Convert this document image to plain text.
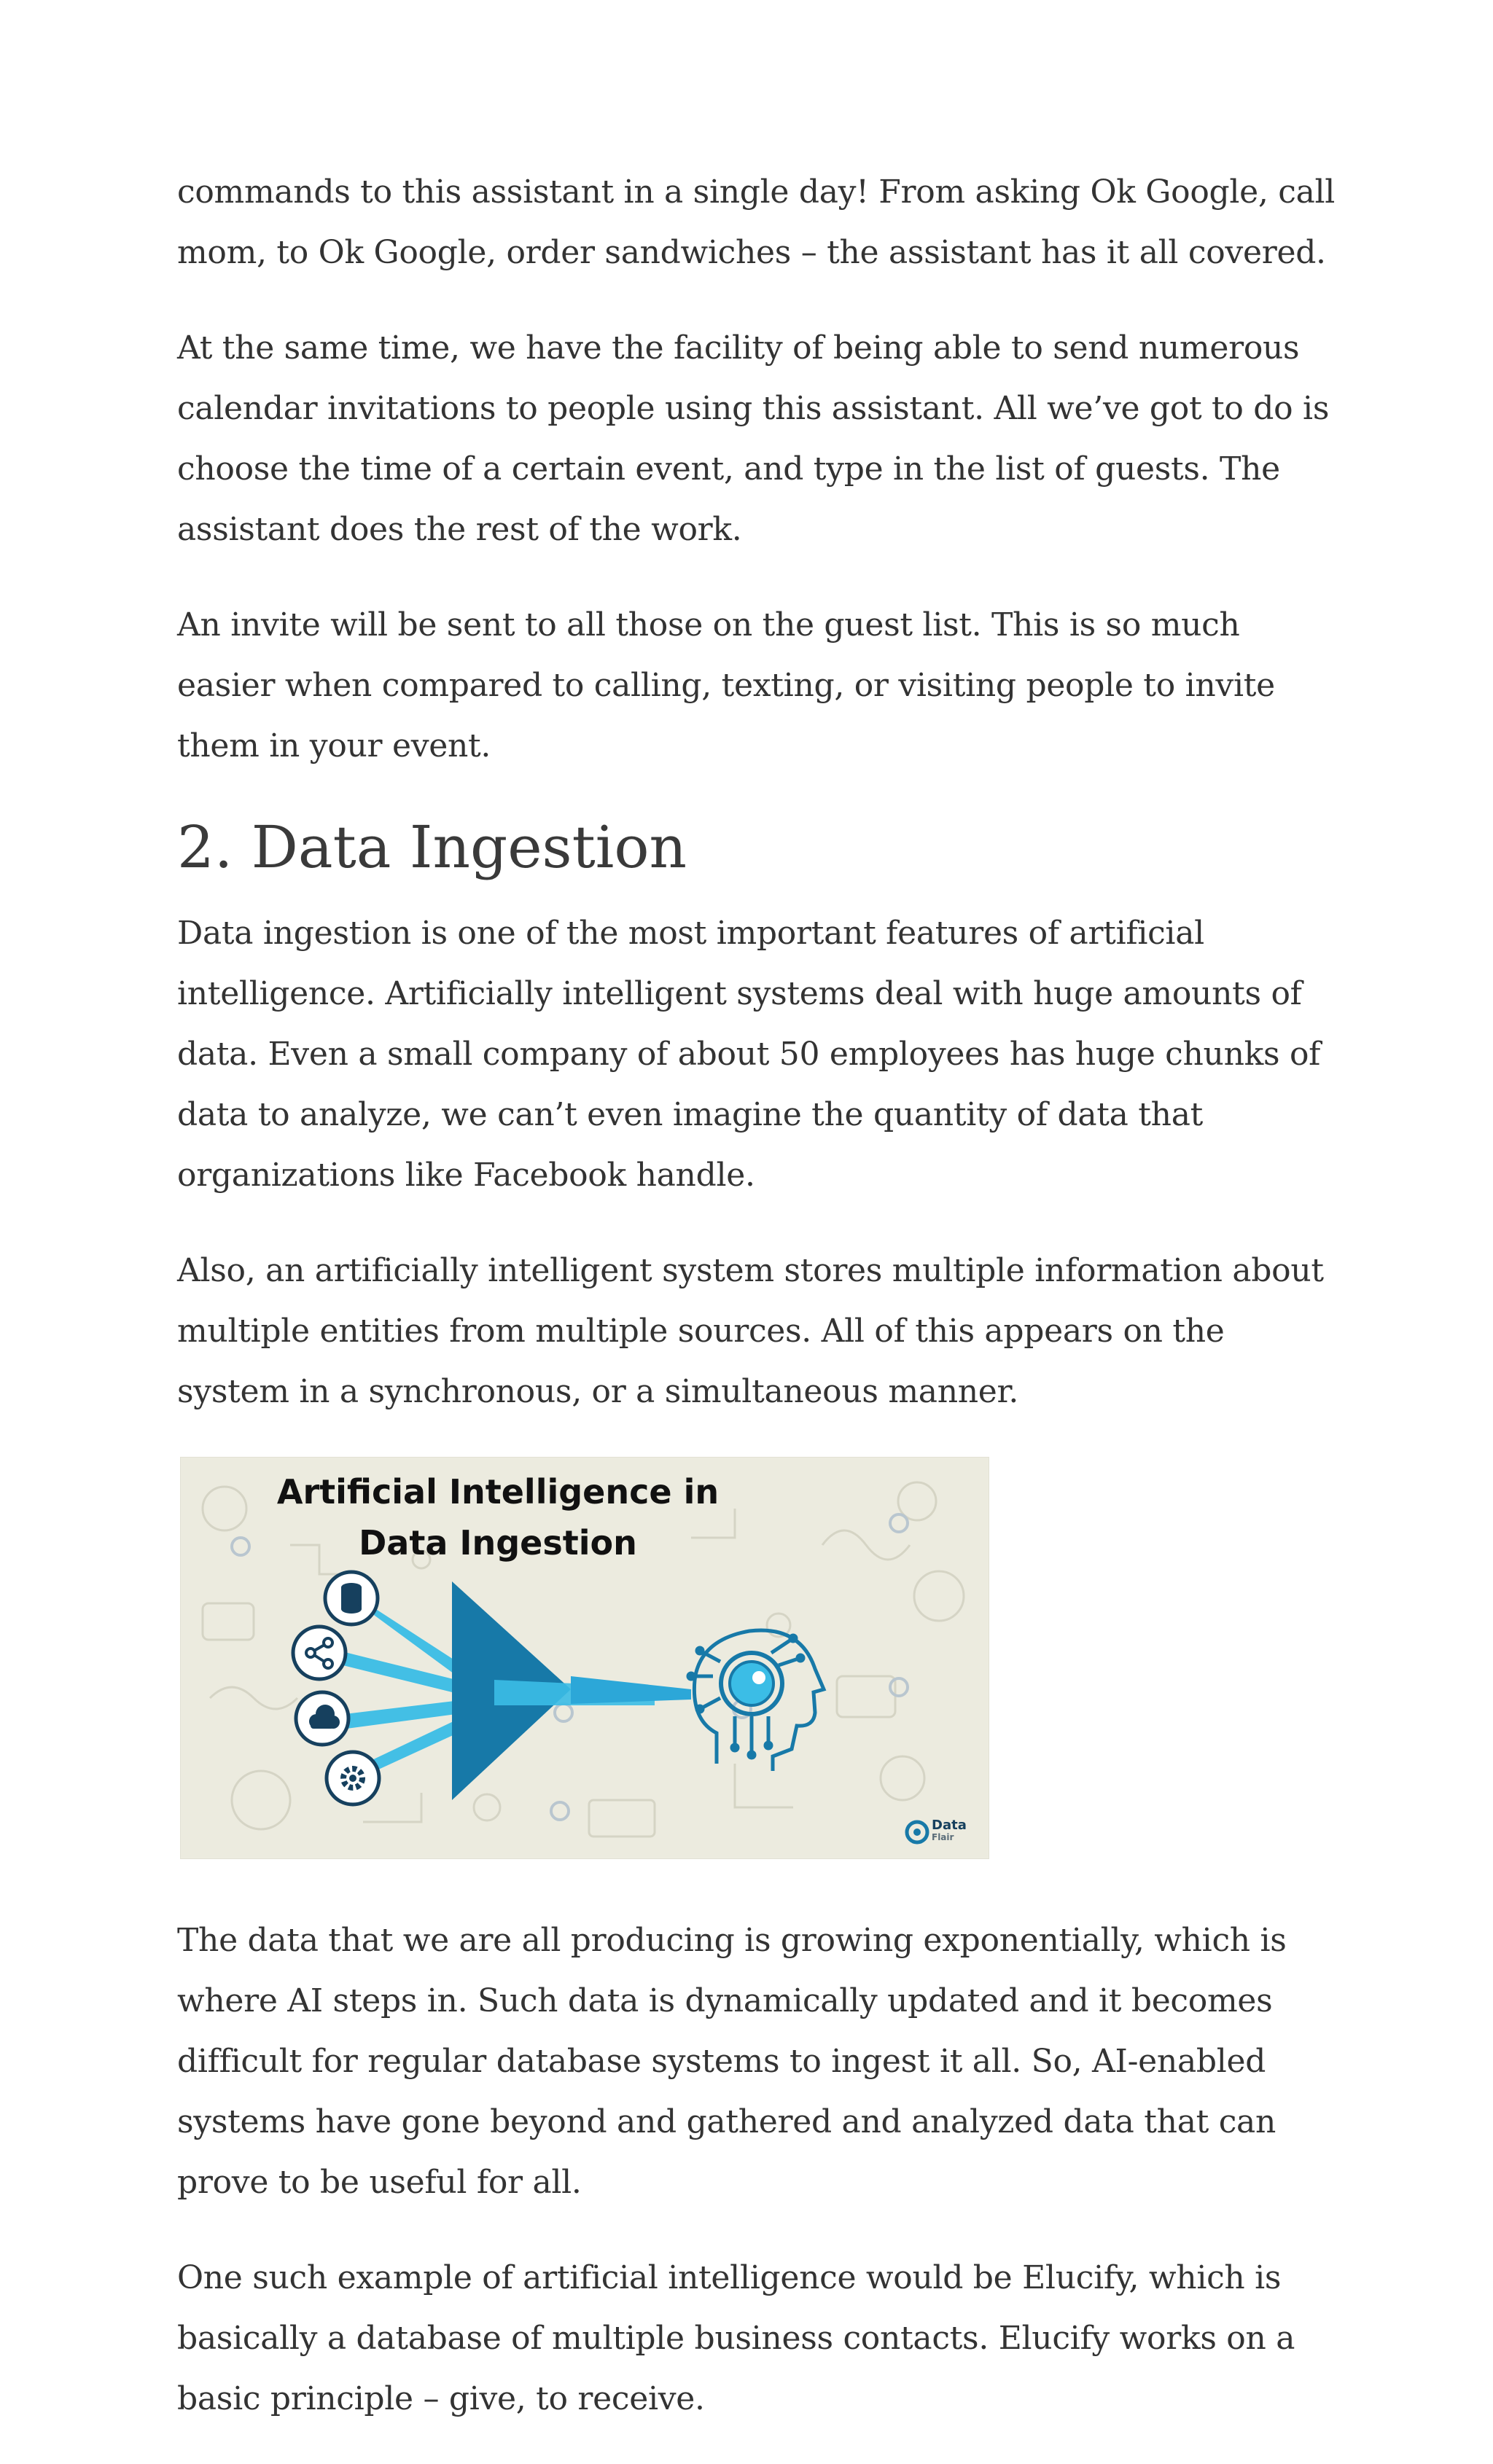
commands to this assistant in a single day! From asking Ok Google, call mom, to Ok Google, order sandwiches – the assistant has it all covered.

At the same time, we have the facility of being able to send numerous calendar invitations to people using this assistant. All we’ve got to do is choose the time of a certain event, and type in the list of guests. The assistant does the rest of the work.

An invite will be sent to all those on the guest list. This is so much easier when compared to calling, texting, or visiting people to invite them in your event.

2. Data Ingestion

Data ingestion is one of the most important features of artificial intelligence. Artificially intelligent systems deal with huge amounts of data. Even a small company of about 50 employees has huge chunks of data to analyze, we can’t even imagine the quantity of data that organizations like Facebook handle.

Also, an artificially intelligent system stores multiple information about multiple entities from multiple sources. All of this appears on the system in a synchronous, or a simultaneous manner.

Artificial Intelligence in
Data Ingestion
Data
Flair

The data that we are all producing is growing exponentially, which is where AI steps in. Such data is dynamically updated and it becomes difficult for regular database systems to ingest it all. So, AI-enabled systems have gone beyond and gathered and analyzed data that can prove to be useful for all.

One such example of artificial intelligence would be Elucify, which is basically a database of multiple business contacts. Elucify works on a basic principle – give, to receive.
